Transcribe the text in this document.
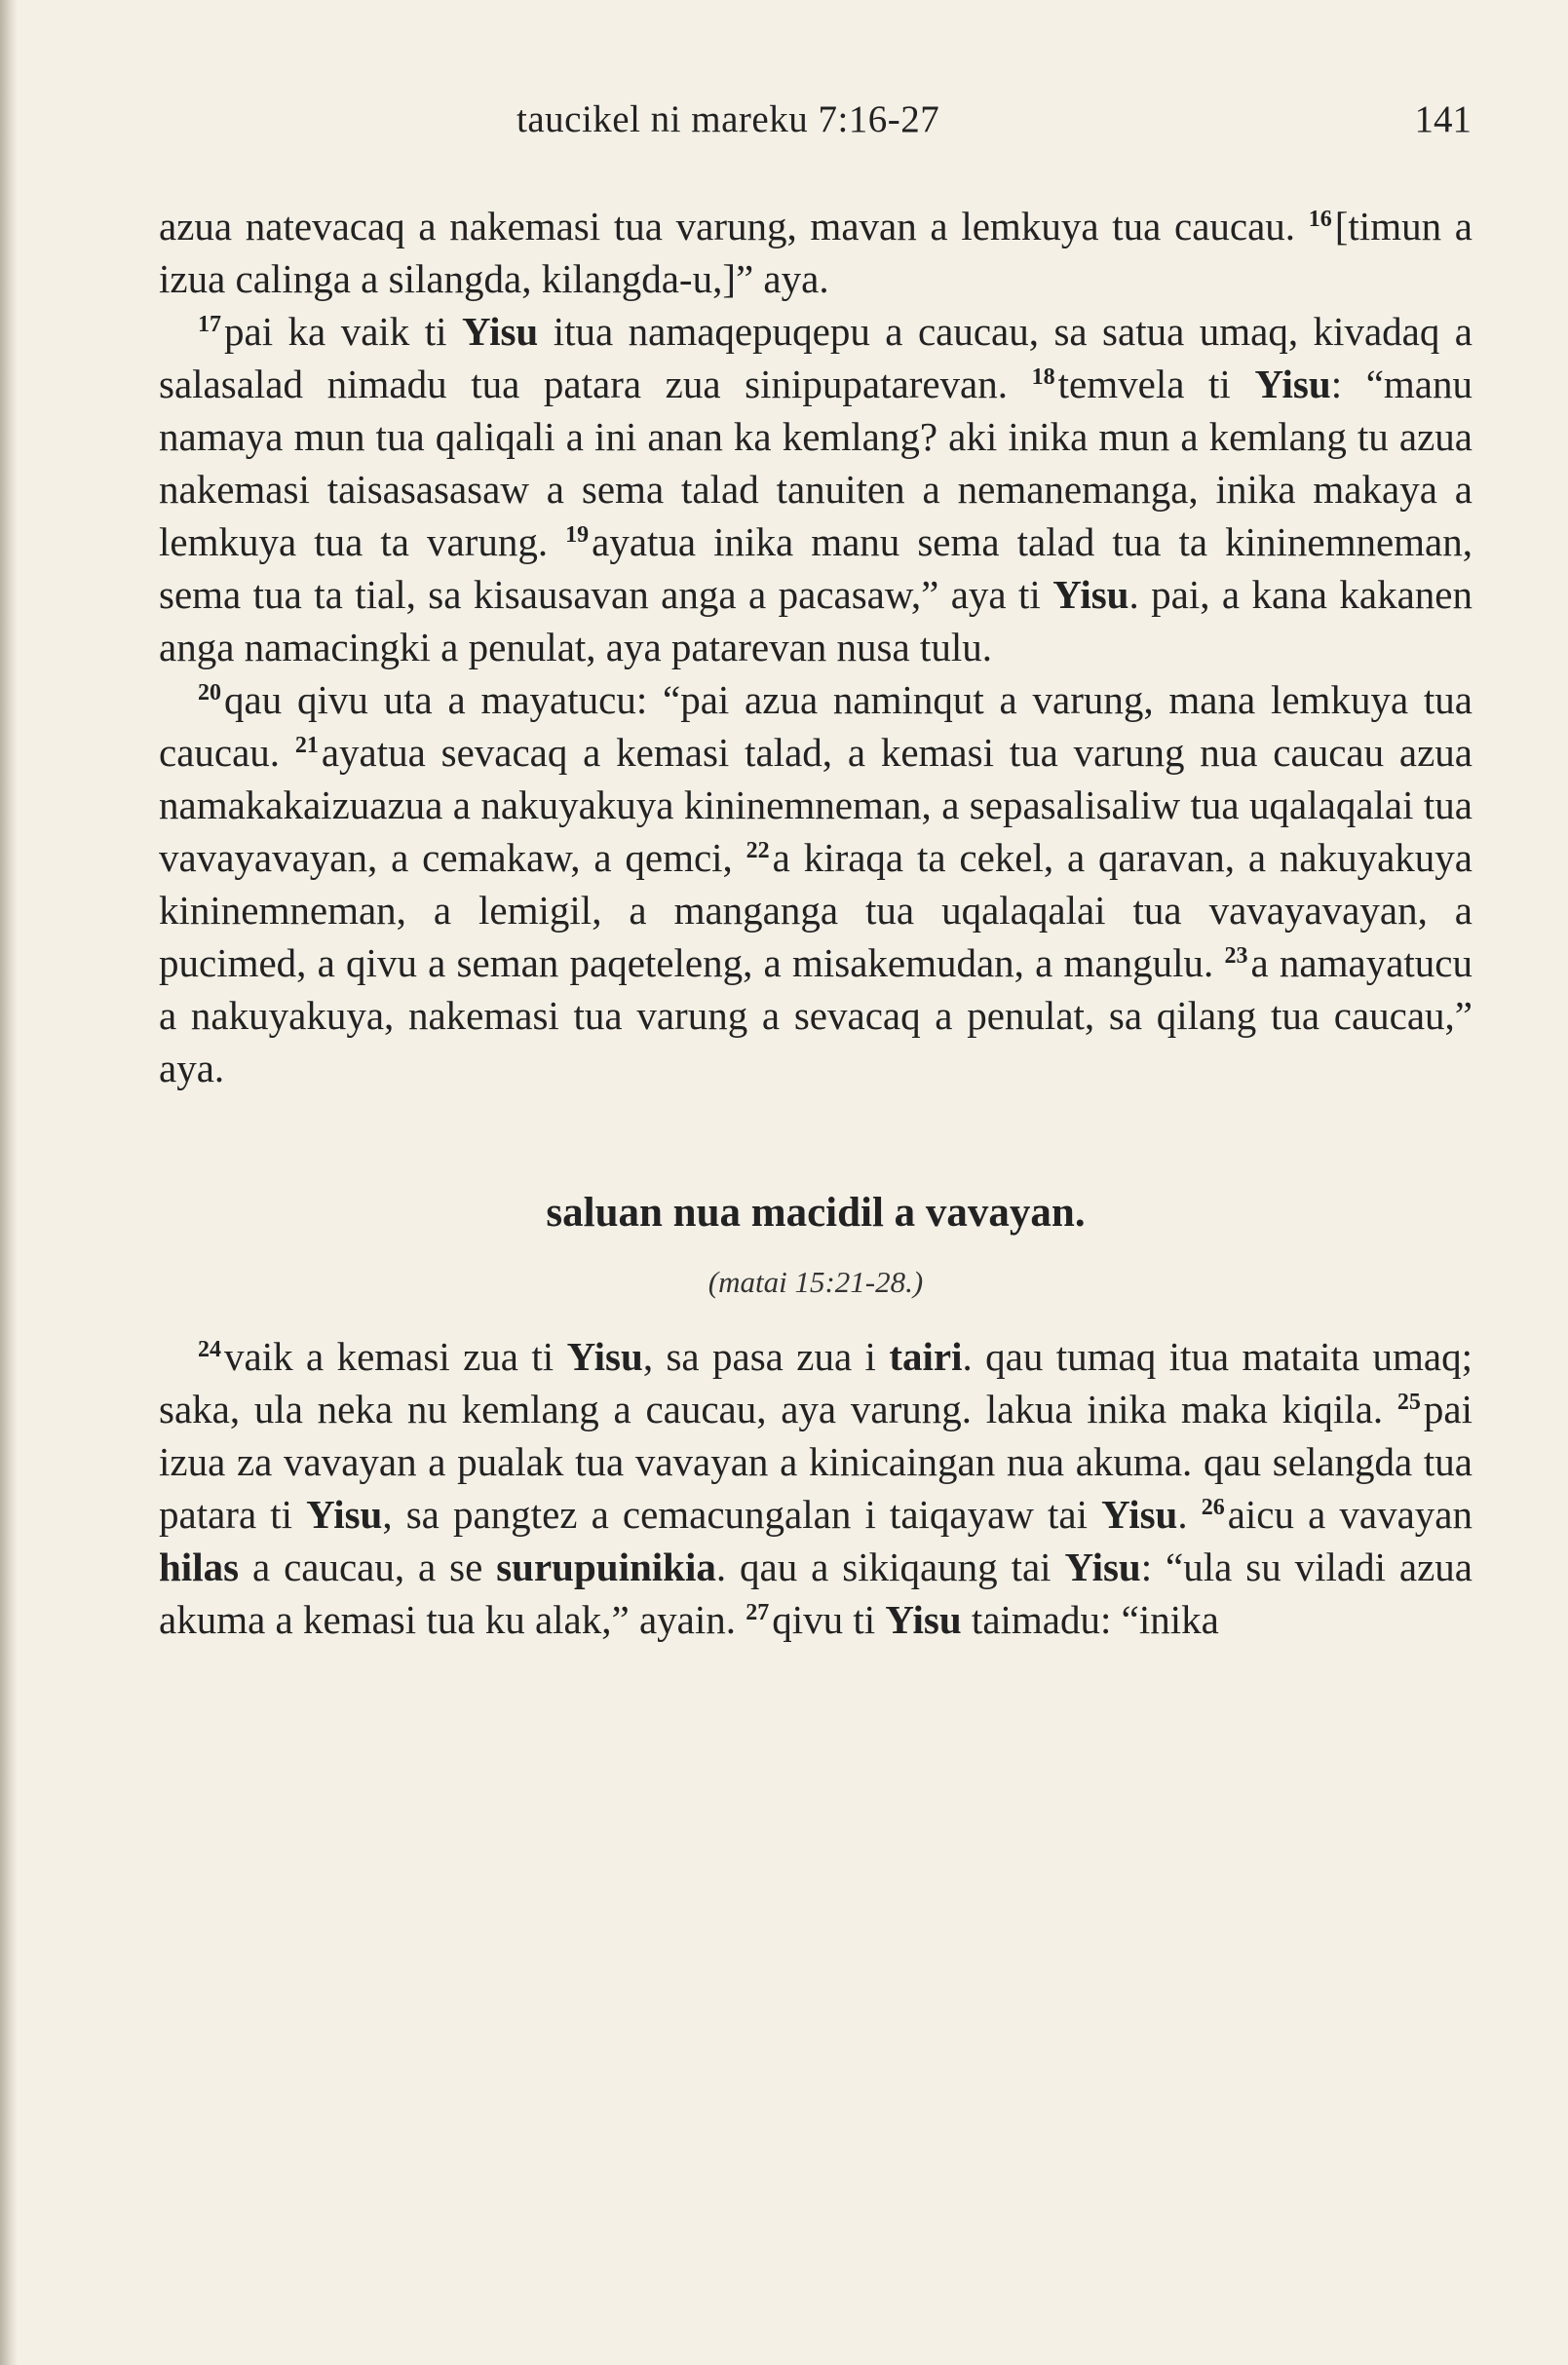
taucikel ni mareku 7:16-27	141

azua natevacaq a nakemasi tua varung, mavan a lemkuya tua caucau. $^{16}$[timun a izua calinga a silangda, kilangda-u,]” aya.

$^{17}$pai ka vaik ti Yisu itua namaqepuqepu a caucau, sa satua umaq, kivadaq a salasalad nimadu tua patara zua sinipupatarevan. $^{18}$temvela ti Yisu: “manu namaya mun tua qaliqali a ini anan ka kemlang? aki inika mun a kemlang tu azua nakemasi taisasasasaw a sema talad tanuiten a nemanemanga, inika makaya a lemkuya tua ta varung. $^{19}$ayatua inika manu sema talad tua ta kininemneman, sema tua ta tial, sa kisausavan anga a pacasaw,” aya ti Yisu. pai, a kana kakanen anga namacingki a penulat, aya patarevan nusa tulu.

$^{20}$qau qivu uta a mayatucu: “pai azua naminqut a varung, mana lemkuya tua caucau. $^{21}$ayatua sevacaq a kemasi talad, a kemasi tua varung nua caucau azua namakakaizuazua a nakuyakuya kininemneman, a sepasalisaliw tua uqalaqalai tua vavayavayan, a cemakaw, a qemci, $^{22}$a kiraqa ta cekel, a qaravan, a nakuyakuya kininemneman, a lemigil, a manganga tua uqalaqalai tua vavayavayan, a pucimed, a qivu a seman paqeteleng, a misakemudan, a mangulu. $^{23}$a namayatucu a nakuyakuya, nakemasi tua varung a sevacaq a penulat, sa qilang tua caucau,” aya.

saluan nua macidil a vavayan.
(matai 15:21-28.)

$^{24}$vaik a kemasi zua ti Yisu, sa pasa zua i tairi. qau tumaq itua mataita umaq; saka, ula neka nu kemlang a caucau, aya varung. lakua inika maka kiqila. $^{25}$pai izua za vavayan a pualak tua vavayan a kinicaingan nua akuma. qau selangda tua patara ti Yisu, sa pangtez a cemacungalan i taiqayaw tai Yisu. $^{26}$aicu a vavayan hilas a caucau, a se surupuinikia. qau a sikiqaung tai Yisu: “ula su viladi azua akuma a kemasi tua ku alak,” ayain. $^{27}$qivu ti Yisu taimadu: “inika
